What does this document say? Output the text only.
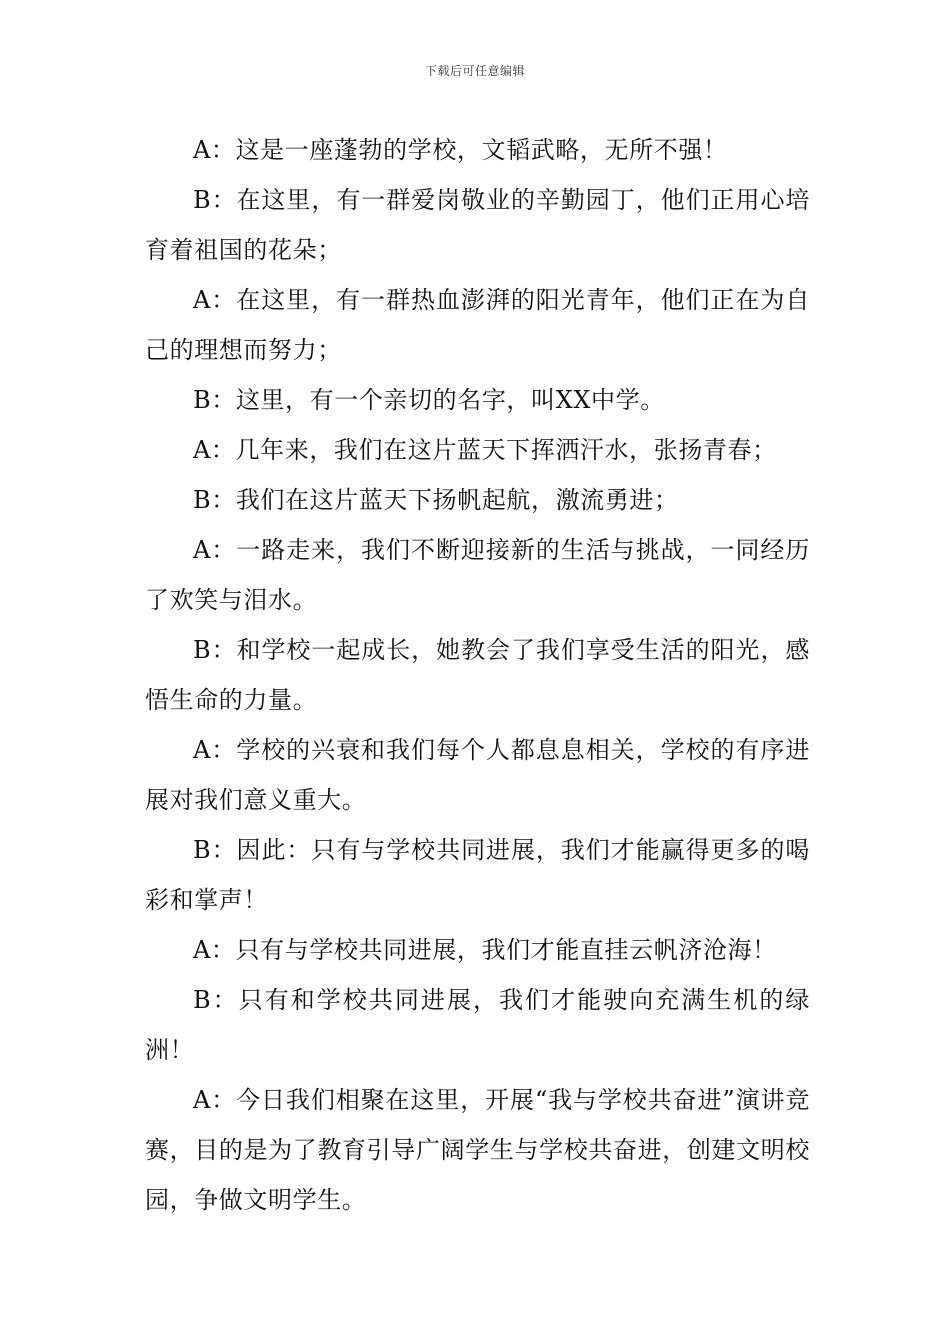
下载后可任意编辑

A：这是一座蓬勃的学校，文韬武略，无所不强！

B：在这里，有一群爱岗敬业的辛勤园丁，他们正用心培育着祖国的花朵；

A：在这里，有一群热血澎湃的阳光青年，他们正在为自己的理想而努力；

B：这里，有一个亲切的名字，叫XX中学。

A：几年来，我们在这片蓝天下挥洒汗水，张扬青春；

B：我们在这片蓝天下扬帆起航，激流勇进；

A：一路走来，我们不断迎接新的生活与挑战，一同经历了欢笑与泪水。

B：和学校一起成长，她教会了我们享受生活的阳光，感悟生命的力量。

A：学校的兴衰和我们每个人都息息相关，学校的有序进展对我们意义重大。

B：因此：只有与学校共同进展，我们才能赢得更多的喝彩和掌声！

A：只有与学校共同进展，我们才能直挂云帆济沧海！

B：只有和学校共同进展，我们才能驶向充满生机的绿洲！

A：今日我们相聚在这里，开展“我与学校共奋进”演讲竞赛，目的是为了教育引导广阔学生与学校共奋进，创建文明校园，争做文明学生。
